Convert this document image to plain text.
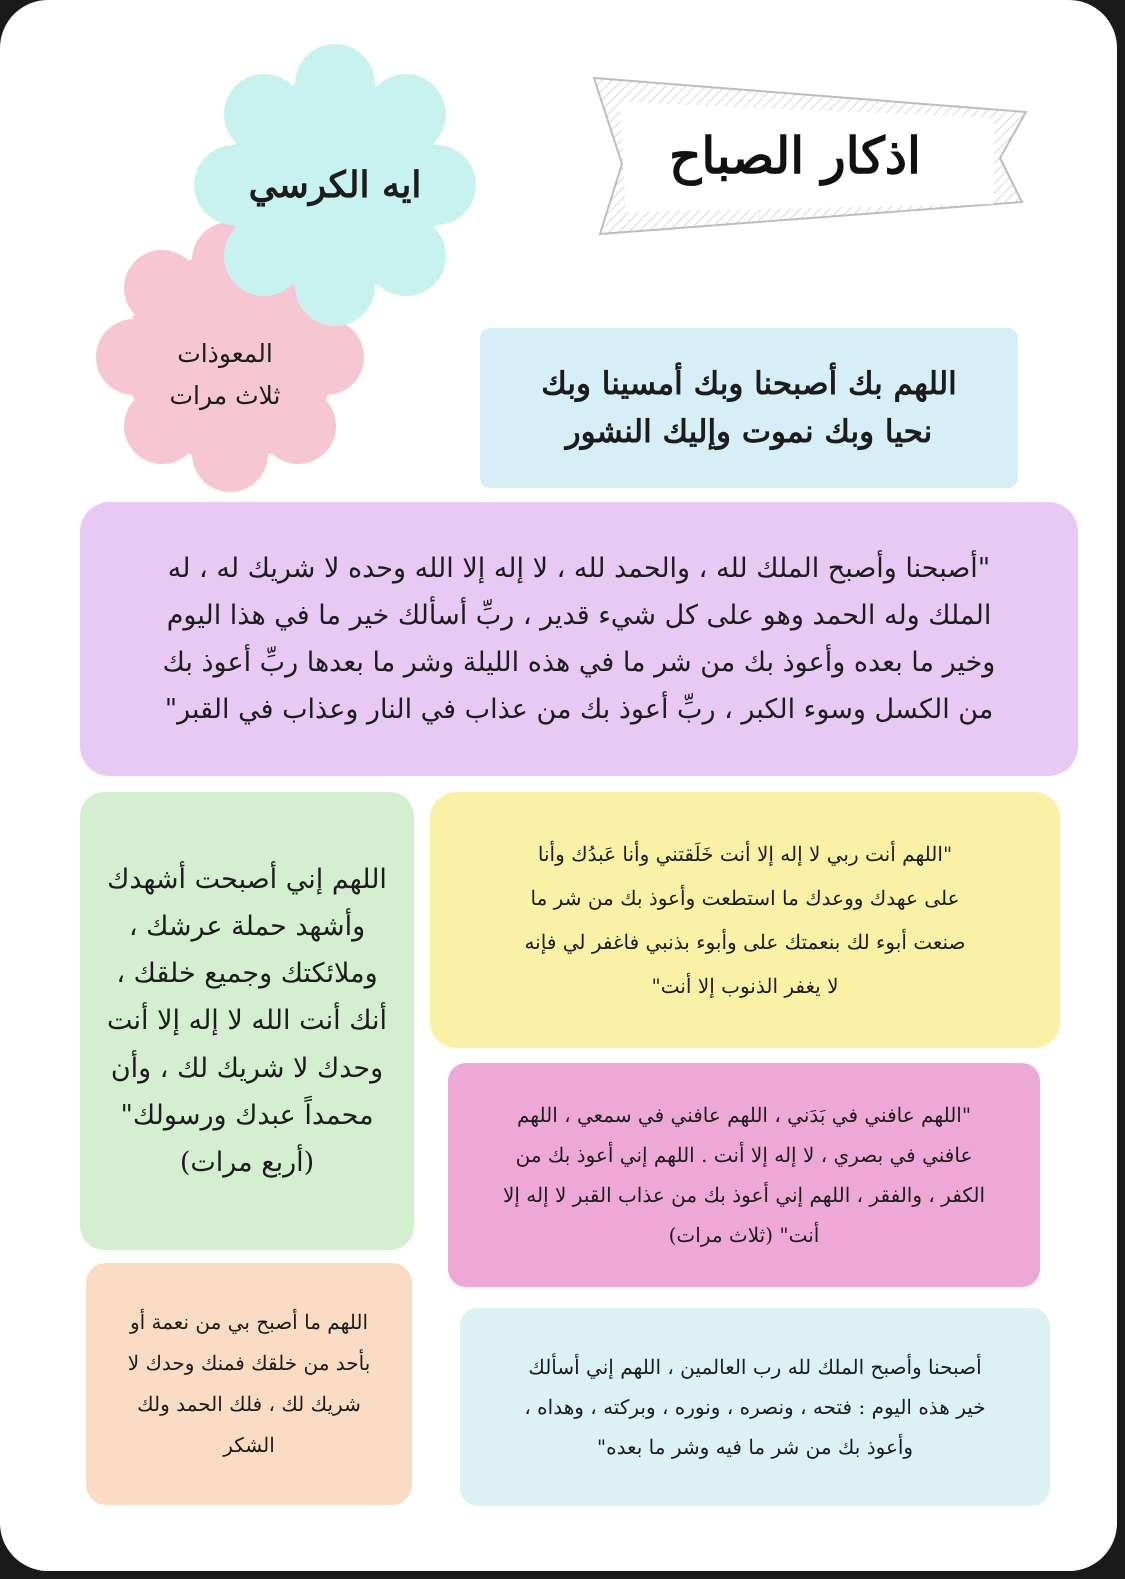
اذكار الصباح
ايه الكرسي
المعوذات
ثلاث مرات	اللهم بك أصبحنا وبك أمسينا وبك
نحيا وبك نموت وإليك النشور
"أصبحنا وأصبح الملك لله ، والحمد لله ، لا إله إلا الله وحده لا شريك له ، له
الملك وله الحمد وهو على كل شيء قدير ، ربِّ أسألك خير ما في هذا اليوم
وخير ما بعده وأعوذ بك من شر ما في هذه الليلة وشر ما بعدها ربِّ أعوذ بك
من الكسل وسوء الكبر ، ربِّ أعوذ بك من عذاب في النار وعذاب في القبر"
اللهم إني أصبحت أشهدك
وأشهد حملة عرشك ،
وملائكتك وجميع خلقك ،
أنك أنت الله لا إله إلا أنت
وحدك لا شريك لك ، وأن
محمداً عبدك ورسولك"
(أربع مرات)
"اللهم أنت ربي لا إله إلا أنت خَلَقتني وأنا عَبدُك وأنا
على عهدك ووعدك ما استطعت وأعوذ بك من شر ما
صنعت أبوء لك بنعمتك على وأبوء بذنبي فاغفر لي فإنه
لا يغفر الذنوب إلا أنت"
"اللهم عافني في بَدَني ، اللهم عافني في سمعي ، اللهم
عافني في بصري ، لا إله إلا أنت . اللهم إني أعوذ بك من
الكفر ، والفقر ، اللهم إني أعوذ بك من عذاب القبر لا إله إلا
أنت" (ثلاث مرات)
اللهم ما أصبح بي من نعمة أو
بأحد من خلقك فمنك وحدك لا
شريك لك ، فلك الحمد ولك
الشكر
أصبحنا وأصبح الملك لله رب العالمين ، اللهم إني أسألك
خير هذه اليوم : فتحه ، ونصره ، ونوره ، وبركته ، وهداه ،
وأعوذ بك من شر ما فيه وشر ما بعده"
